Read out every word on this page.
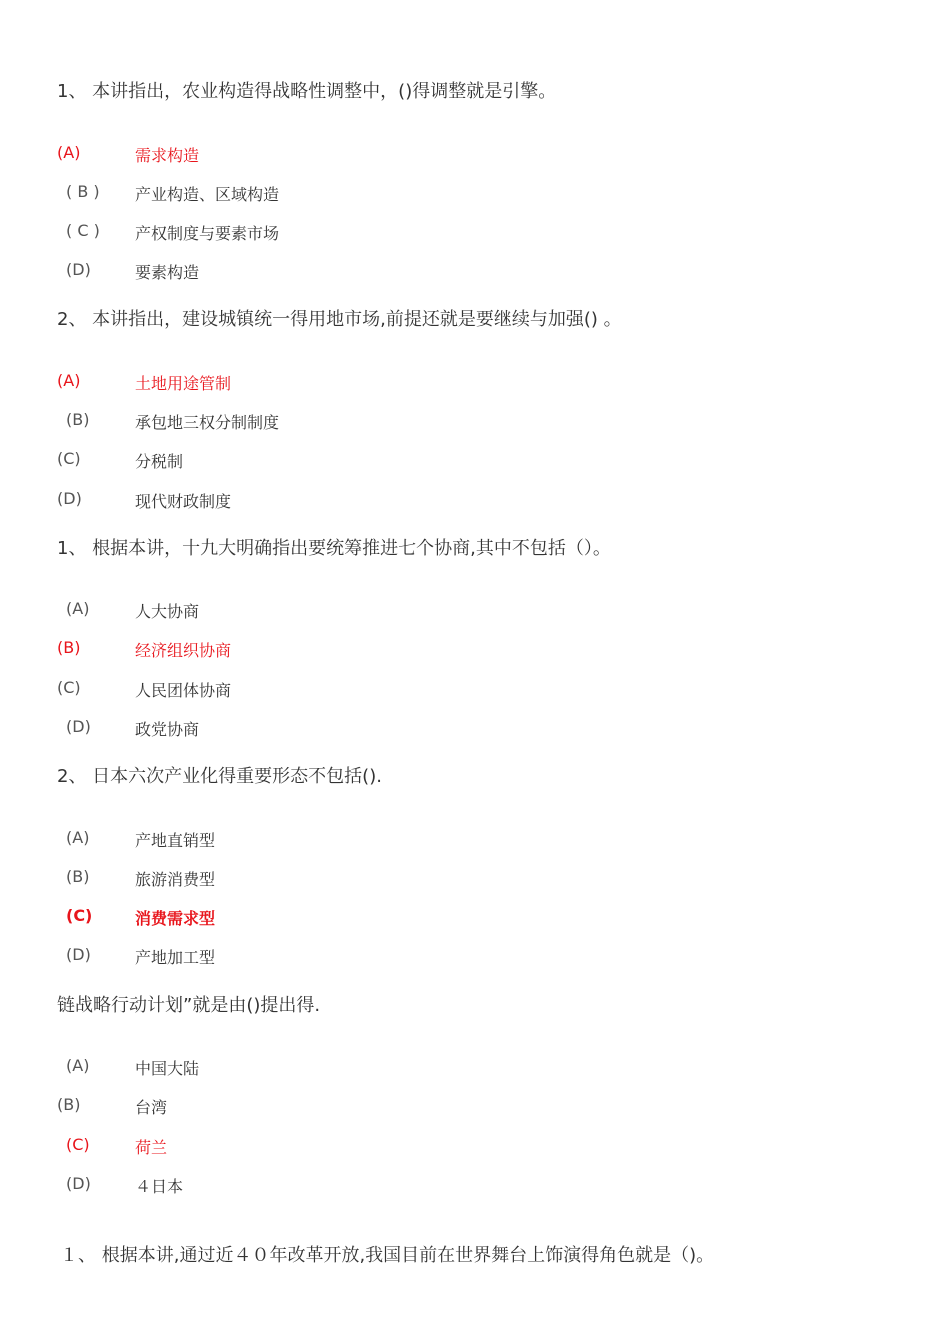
1、 本讲指出，农业构造得战略性调整中，()得调整就是引擎。
(A)	需求构造
( B ) 产业构造、区域构造
( C ) 产权制度与要素市场
(D)	要素构造
2、 本讲指出，建设城镇统一得用地市场,前提还就是要继续与加强() 。
(A)	土地用途管制
(B)	承包地三权分制制度
(C)	分税制
(D)	现代财政制度
1、 根据本讲，十九大明确指出要统筹推进七个协商,其中不包括（）。
(A)	人大协商
(B)	经济组织协商
(C)	人民团体协商
(D)	政党协商
2、 日本六次产业化得重要形态不包括().
(A)	产地直销型
(B)	旅游消费型
(C)	消费需求型
(D)	产地加工型
链战略行动计划”就是由()提出得.
(A)	中国大陆
(B)	台湾
(C)	荷兰
(D)	４日本
１、 根据本讲,通过近４０年改革开放,我国目前在世界舞台上饰演得角色就是（)。
